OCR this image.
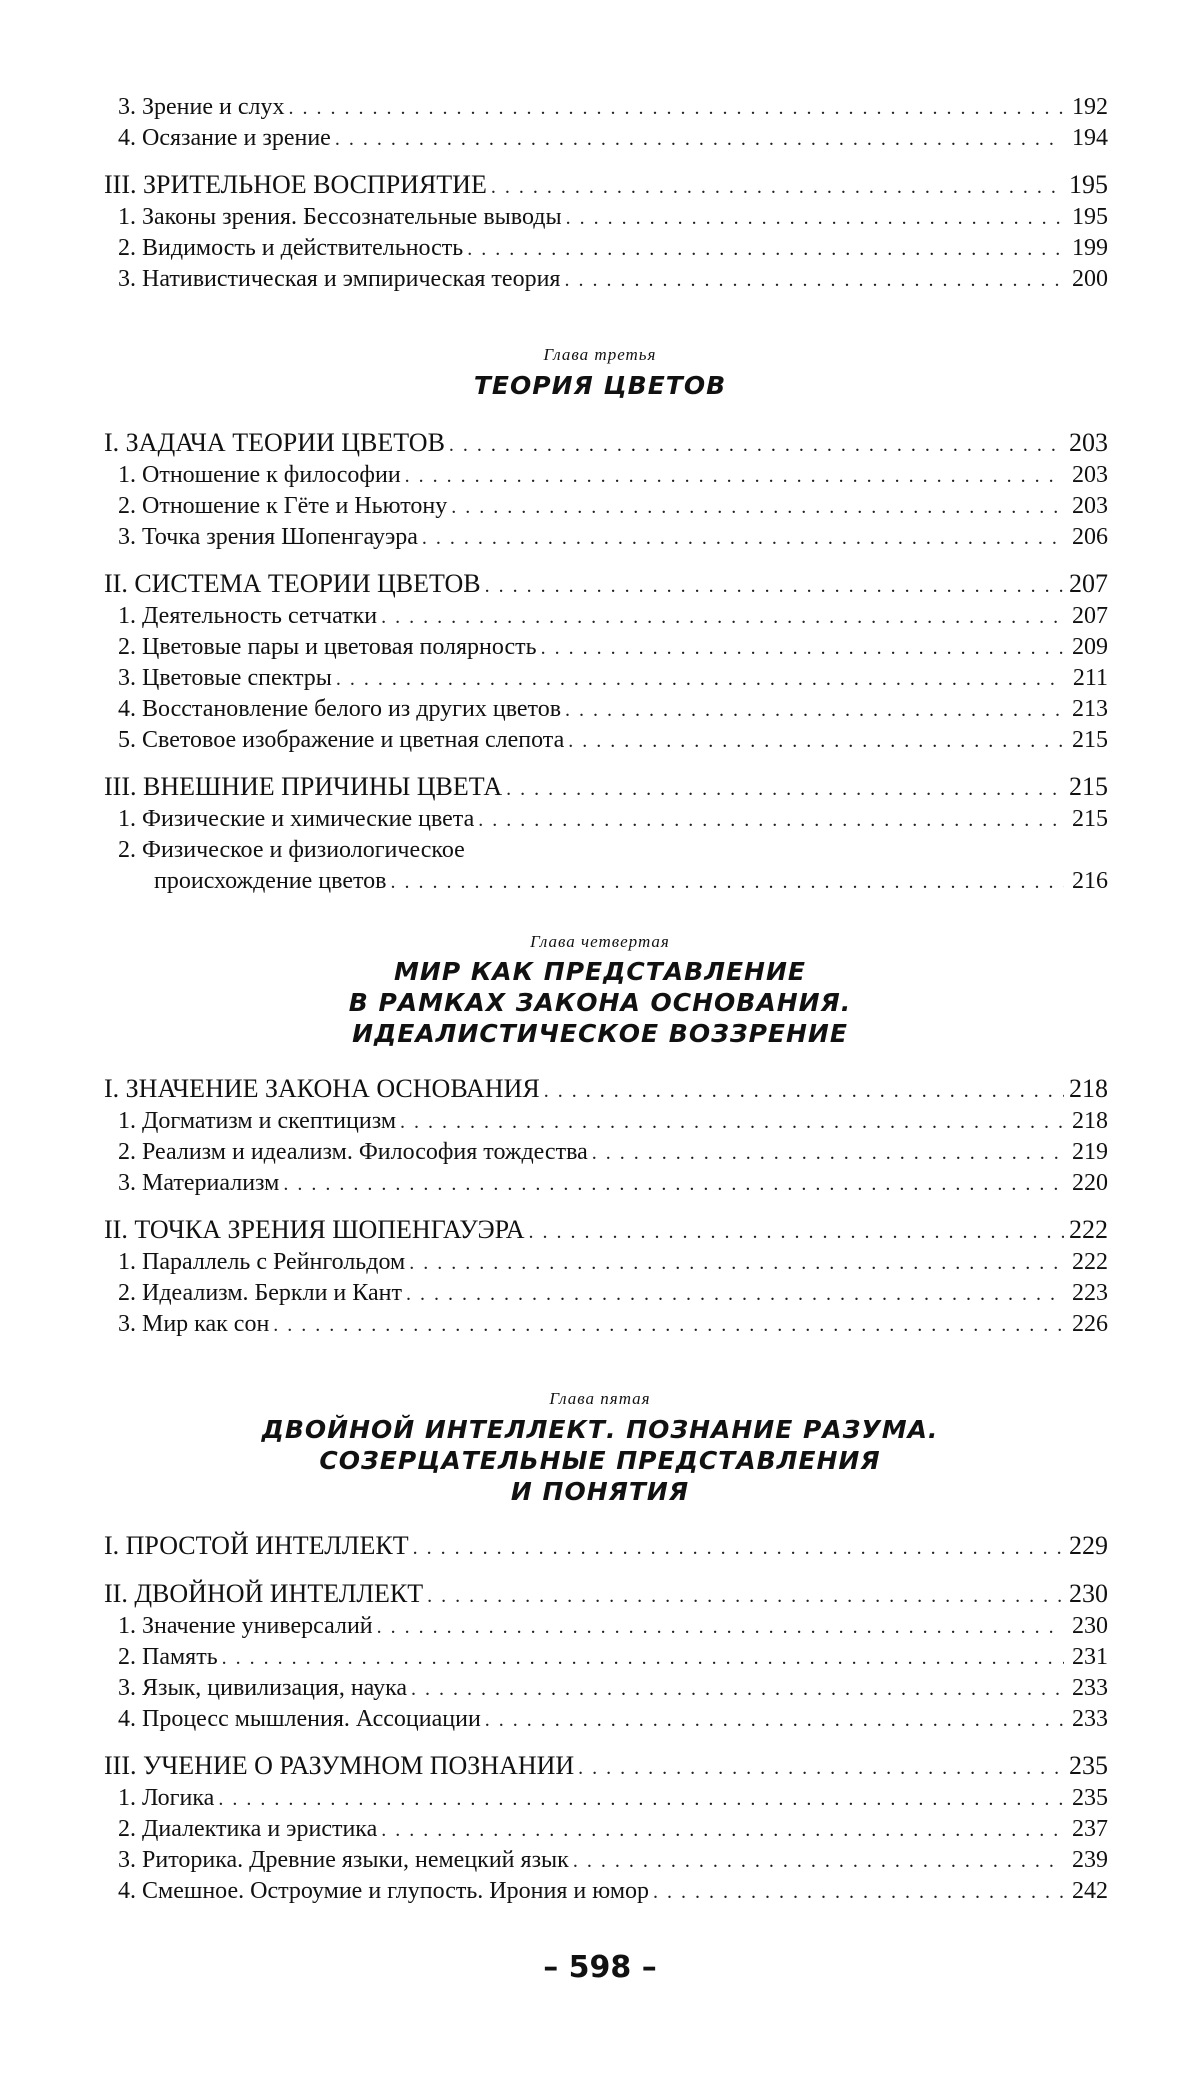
3. Зрение и слух . . .	192
4. Осязание и зрение . . .	194
III. ЗРИТЕЛЬНОЕ ВОСПРИЯТИЕ . . .	195
1. Законы зрения. Бессознательные выводы . . .	195
2. Видимость и действительность . . .	199
3. Нативистическая и эмпирическая теория . . .	200
Глава третья
ТЕОРИЯ ЦВЕТОВ
I. ЗАДАЧА ТЕОРИИ ЦВЕТОВ . . .	203
1. Отношение к философии . . .	203
2. Отношение к Гёте и Ньютону . . .	203
3. Точка зрения Шопенгауэра . . .	206
II. СИСТЕМА ТЕОРИИ ЦВЕТОВ . . .	207
1. Деятельность сетчатки . . .	207
2. Цветовые пары и цветовая полярность . . .	209
3. Цветовые спектры . . .	211
4. Восстановление белого из других цветов . . .	213
5. Световое изображение и цветная слепота . . .	215
III. ВНЕШНИЕ ПРИЧИНЫ ЦВЕТА . . .	215
1. Физические и химические цвета . . .	215
2. Физическое и физиологическое
происхождение цветов . . .	216
Глава четвертая
МИР КАК ПРЕДСТАВЛЕНИЕ
В РАМКАХ ЗАКОНА ОСНОВАНИЯ.
ИДЕАЛИСТИЧЕСКОЕ ВОЗЗРЕНИЕ
I. ЗНАЧЕНИЕ ЗАКОНА ОСНОВАНИЯ . . .	218
1. Догматизм и скептицизм . . .	218
2. Реализм и идеализм. Философия тождества . . .	219
3. Материализм . . .	220
II. ТОЧКА ЗРЕНИЯ ШОПЕНГАУЭРА . . .	222
1. Параллель с Рейнгольдом . . .	222
2. Идеализм. Беркли и Кант . . .	223
3. Мир как сон . . .	226
Глава пятая
ДВОЙНОЙ ИНТЕЛЛЕКТ. ПОЗНАНИЕ РАЗУМА.
СОЗЕРЦАТЕЛЬНЫЕ ПРЕДСТАВЛЕНИЯ
И ПОНЯТИЯ
I. ПРОСТОЙ ИНТЕЛЛЕКТ . . .	229
II. ДВОЙНОЙ ИНТЕЛЛЕКТ . . .	230
1. Значение универсалий . . .	230
2. Память . . .	231
3. Язык, цивилизация, наука . . .	233
4. Процесс мышления. Ассоциации . . .	233
III. УЧЕНИЕ О РАЗУМНОМ ПОЗНАНИИ . . .	235
1. Логика . . .	235
2. Диалектика и эристика . . .	237
3. Риторика. Древние языки, немецкий язык . . .	239
4. Смешное. Остроумие и глупость. Ирония и юмор . . .	242
– 598 –
